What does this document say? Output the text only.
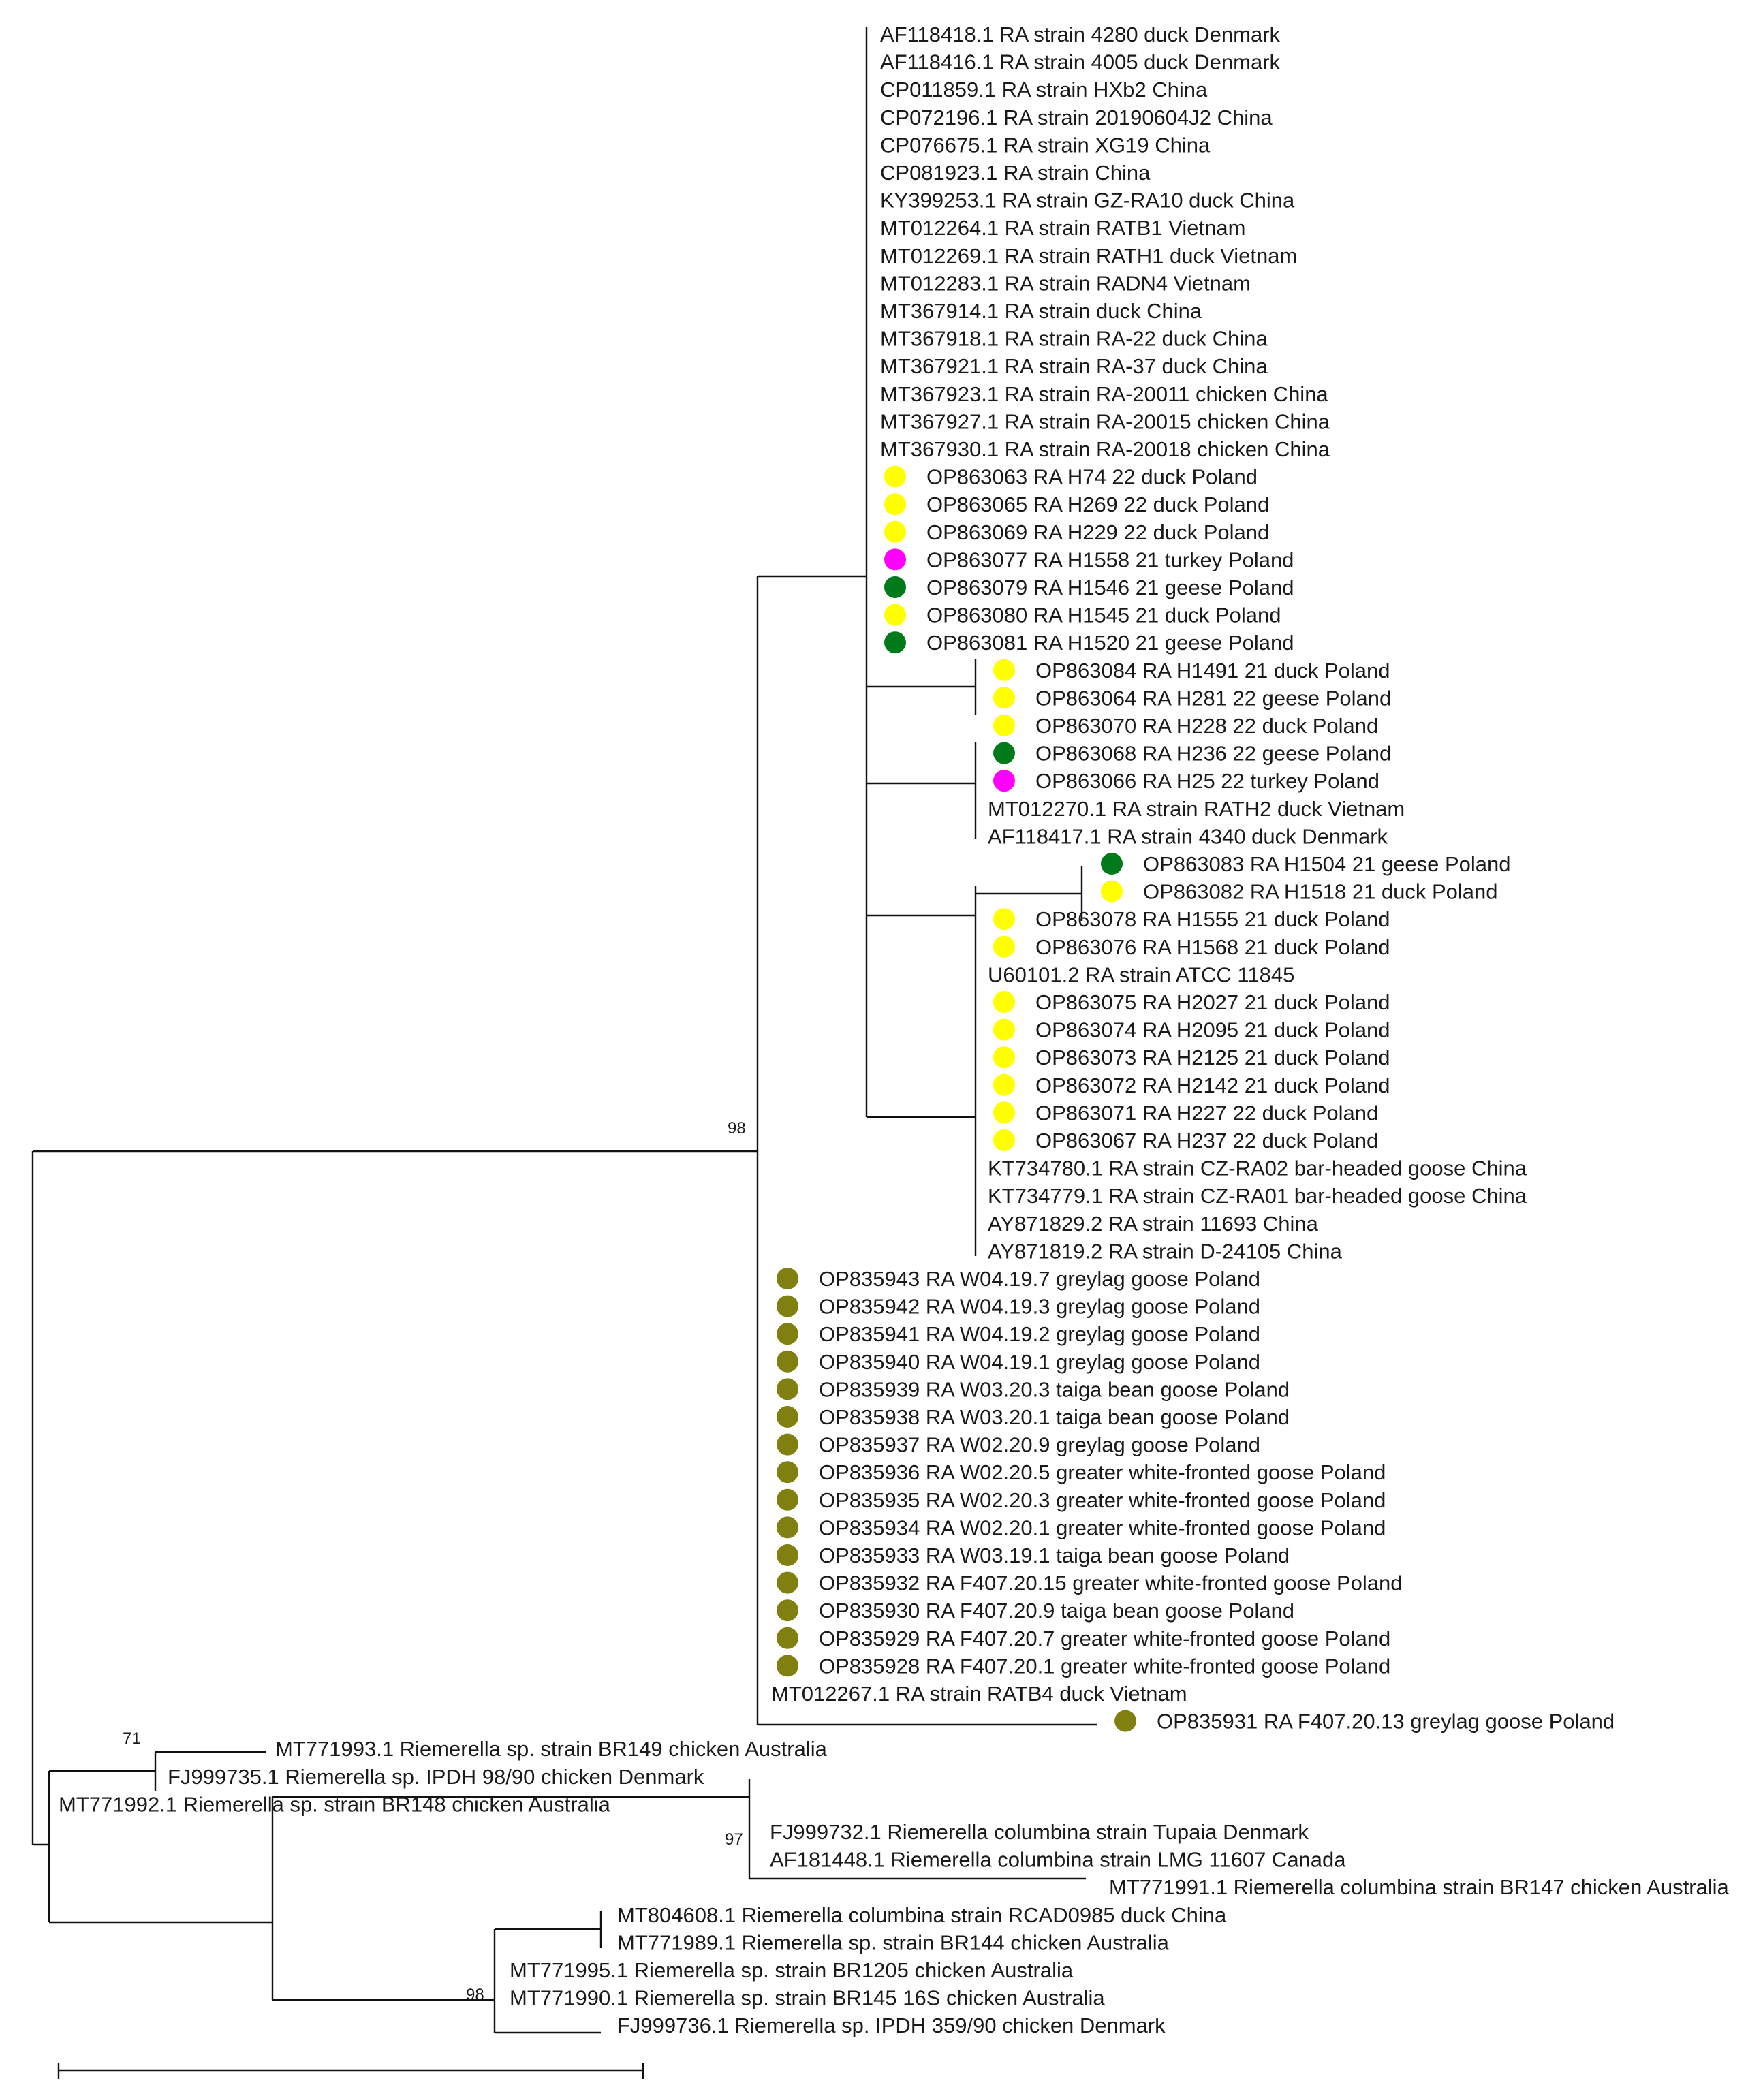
98
71
97
98
AF118418.1 RA strain 4280 duck Denmark
AF118416.1 RA strain 4005 duck Denmark
CP011859.1 RA strain HXb2 China
CP072196.1 RA strain 20190604J2 China
CP076675.1 RA strain XG19 China
CP081923.1 RA strain China
KY399253.1 RA strain GZ-RA10 duck China
MT012264.1 RA strain RATB1 Vietnam
MT012269.1 RA strain RATH1 duck Vietnam
MT012283.1 RA strain RADN4 Vietnam
MT367914.1 RA strain duck China
MT367918.1 RA strain RA-22 duck China
MT367921.1 RA strain RA-37 duck China
MT367923.1 RA strain RA-20011 chicken China
MT367927.1 RA strain RA-20015 chicken China
MT367930.1 RA strain RA-20018 chicken China
OP863063 RA H74 22 duck Poland
OP863065 RA H269 22 duck Poland
OP863069 RA H229 22 duck Poland
OP863077 RA H1558 21 turkey Poland
OP863079 RA H1546 21 geese Poland
OP863080 RA H1545 21 duck Poland
OP863081 RA H1520 21 geese Poland
OP863084 RA H1491 21 duck Poland
OP863064 RA H281 22 geese Poland
OP863070 RA H228 22 duck Poland
OP863068 RA H236 22 geese Poland
OP863066 RA H25 22 turkey Poland
MT012270.1 RA strain RATH2 duck Vietnam
AF118417.1 RA strain 4340 duck Denmark
OP863083 RA H1504 21 geese Poland
OP863082 RA H1518 21 duck Poland
OP863078 RA H1555 21 duck Poland
OP863076 RA H1568 21 duck Poland
U60101.2 RA strain ATCC 11845
OP863075 RA H2027 21 duck Poland
OP863074 RA H2095 21 duck Poland
OP863073 RA H2125 21 duck Poland
OP863072 RA H2142 21 duck Poland
OP863071 RA H227 22 duck Poland
OP863067 RA H237 22 duck Poland
KT734780.1 RA strain CZ-RA02 bar-headed goose China
KT734779.1 RA strain CZ-RA01 bar-headed goose China
AY871829.2 RA strain 11693 China
AY871819.2 RA strain D-24105 China
OP835943 RA W04.19.7 greylag goose Poland
OP835942 RA W04.19.3 greylag goose Poland
OP835941 RA W04.19.2 greylag goose Poland
OP835940 RA W04.19.1 greylag goose Poland
OP835939 RA W03.20.3 taiga bean goose Poland
OP835938 RA W03.20.1 taiga bean goose Poland
OP835937 RA W02.20.9 greylag goose Poland
OP835936 RA W02.20.5 greater white-fronted goose Poland
OP835935 RA W02.20.3 greater white-fronted goose Poland
OP835934 RA W02.20.1 greater white-fronted goose Poland
OP835933 RA W03.19.1 taiga bean goose Poland
OP835932 RA F407.20.15 greater white-fronted goose Poland
OP835930 RA F407.20.9 taiga bean goose Poland
OP835929 RA F407.20.7 greater white-fronted goose Poland
OP835928 RA F407.20.1 greater white-fronted goose Poland
MT012267.1 RA strain RATB4 duck Vietnam
OP835931 RA F407.20.13 greylag goose Poland
MT771993.1 Riemerella sp. strain BR149 chicken Australia
FJ999735.1 Riemerella sp. IPDH 98/90 chicken Denmark
MT771992.1 Riemerella sp. strain BR148 chicken Australia
FJ999732.1 Riemerella columbina strain Tupaia Denmark
AF181448.1 Riemerella columbina strain LMG 11607 Canada
MT771991.1 Riemerella columbina strain BR147 chicken Australia
MT804608.1 Riemerella columbina strain RCAD0985 duck China
MT771989.1 Riemerella sp. strain BR144 chicken Australia
MT771995.1 Riemerella sp. strain BR1205 chicken Australia
MT771990.1 Riemerella sp. strain BR145 16S chicken Australia
FJ999736.1 Riemerella sp. IPDH 359/90 chicken Denmark
